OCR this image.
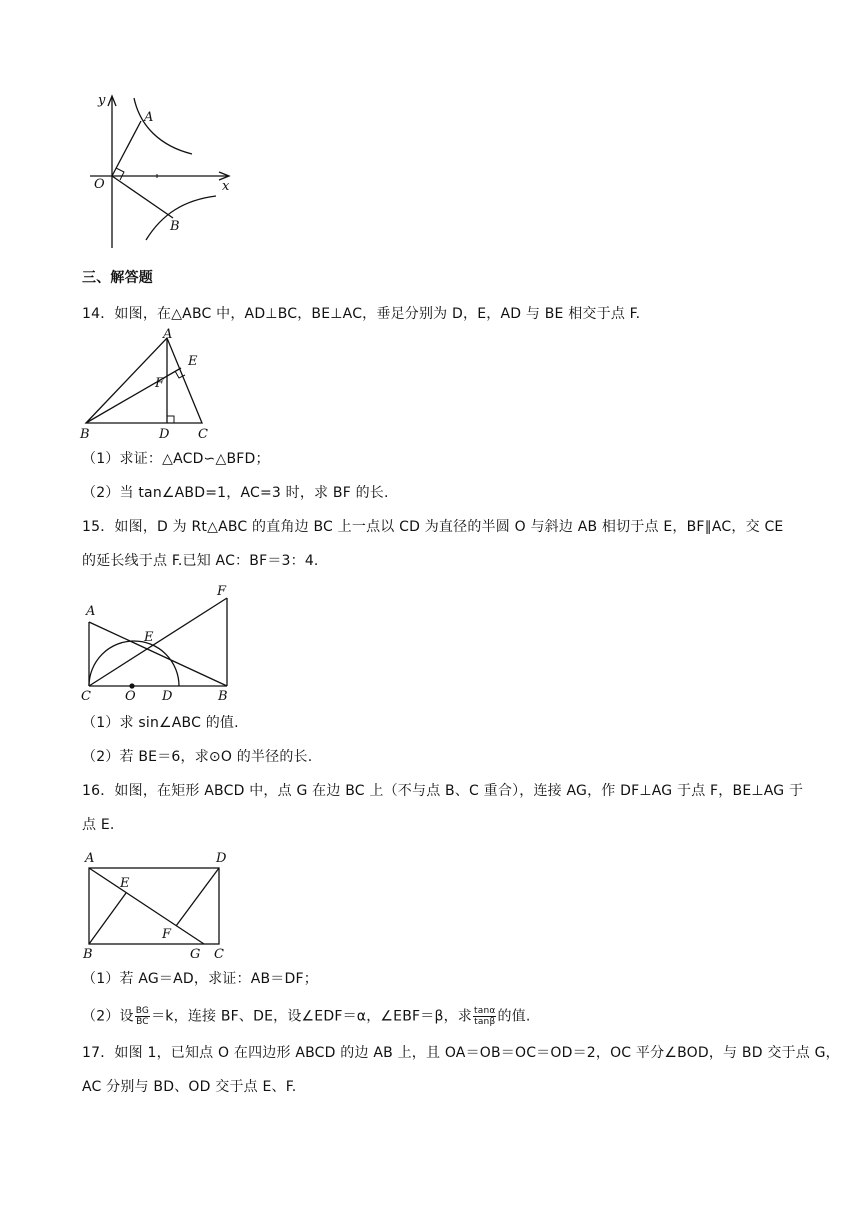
y
x
O
A
B
三、解答题
14．如图，在△ABC 中，AD⊥BC，BE⊥AC，垂足分别为 D，E，AD 与 BE 相交于点 F.
A
B	C
D
E
F
（1）求证：△ACD∽△BFD；
（2）当 tan∠ABD=1，AC=3 时，求 BF 的长.
15．如图，D 为 Rt△ABC 的直角边 BC 上一点以 CD 为直径的半圆 O 与斜边 AB 相切于点 E，BF∥AC，交 CE
的延长线于点 F.已知 AC：BF＝3：4.
A
F
E
C	O D	B
（1）求 sin∠ABC 的值.
（2）若 BE＝6，求⊙O 的半径的长.
16．如图，在矩形 ABCD 中，点 G 在边 BC 上（不与点 B、C 重合），连接 AG，作 DF⊥AG 于点 F，BE⊥AG 于
点 E.
A	D
E
F
B	G C
（1）若 AG＝AD，求证：AB＝DF；
（2）设 $\frac{BG}{BC} =k$，连接 BF、DE，设∠EDF＝α，∠EBF＝β，求 $\frac{\tan\alpha}{\tan\beta}$ 的值.
17．如图 1，已知点 O 在四边形 ABCD 的边 AB 上，且 OA＝OB＝OC＝OD＝2，OC 平分∠BOD，与 BD 交于点 G，
AC 分别与 BD、OD 交于点 E、F.
